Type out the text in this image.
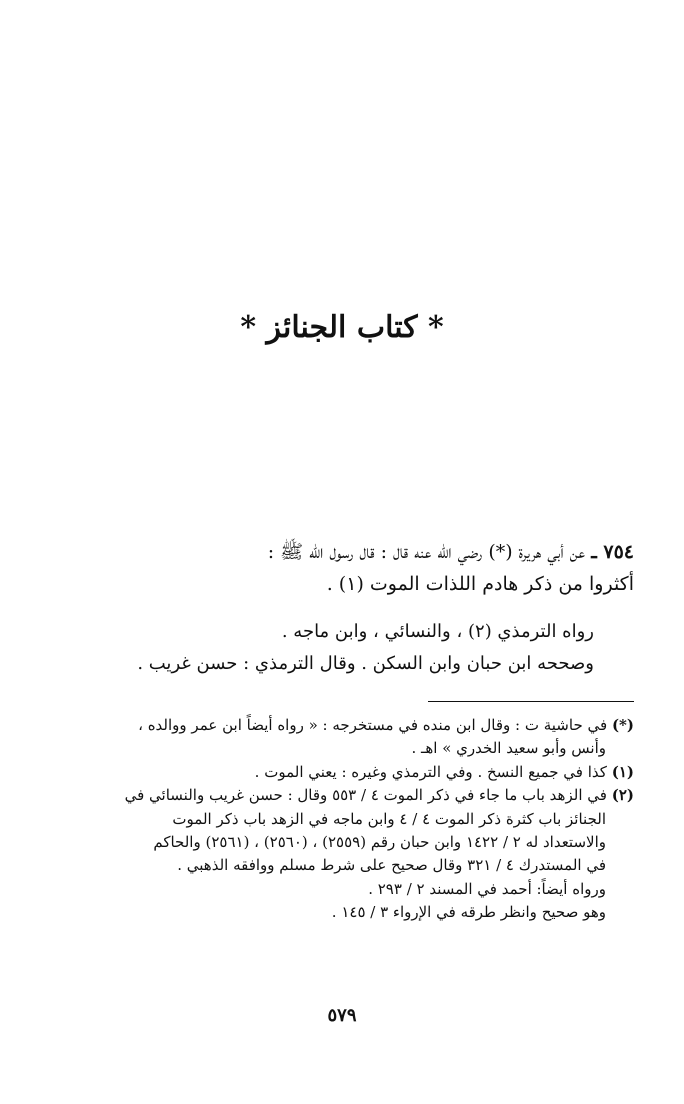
* كتاب الجنائز *
٧٥٤ ـ عن أبي هريرة (*) رضي الله عنه قال : قال رسول الله ﷺ :
أكثروا من ذكر هادم اللذات الموت (١) .
رواه الترمذي (٢) ، والنسائي ، وابن ماجه .
وصححه ابن حبان وابن السكن . وقال الترمذي : حسن غريب .
(*) في حاشية ت : وقال ابن منده في مستخرجه : « رواه أيضاً ابن عمر ووالده ،
وأنس وأبو سعيد الخدري » اهـ .
(١) كذا في جميع النسخ . وفي الترمذي وغيره : يعني الموت .
(٢) في الزهد باب ما جاء في ذكر الموت ٤ / ٥٥٣ وقال : حسن غريب والنسائي في
الجنائز باب كثرة ذكر الموت ٤ / ٤ وابن ماجه في الزهد باب ذكر الموت
والاستعداد له ٢ / ١٤٢٢ وابن حبان رقم (٢٥٥٩) ، (٢٥٦٠) ، (٢٥٦١) والحاكم
في المستدرك ٤ / ٣٢١ وقال صحيح على شرط مسلم ووافقه الذهبي .
ورواه أيضاً: أحمد في المسند ٢ / ٢٩٣ .
وهو صحيح وانظر طرقه في الإرواء ٣ / ١٤٥ .
٥٧٩
